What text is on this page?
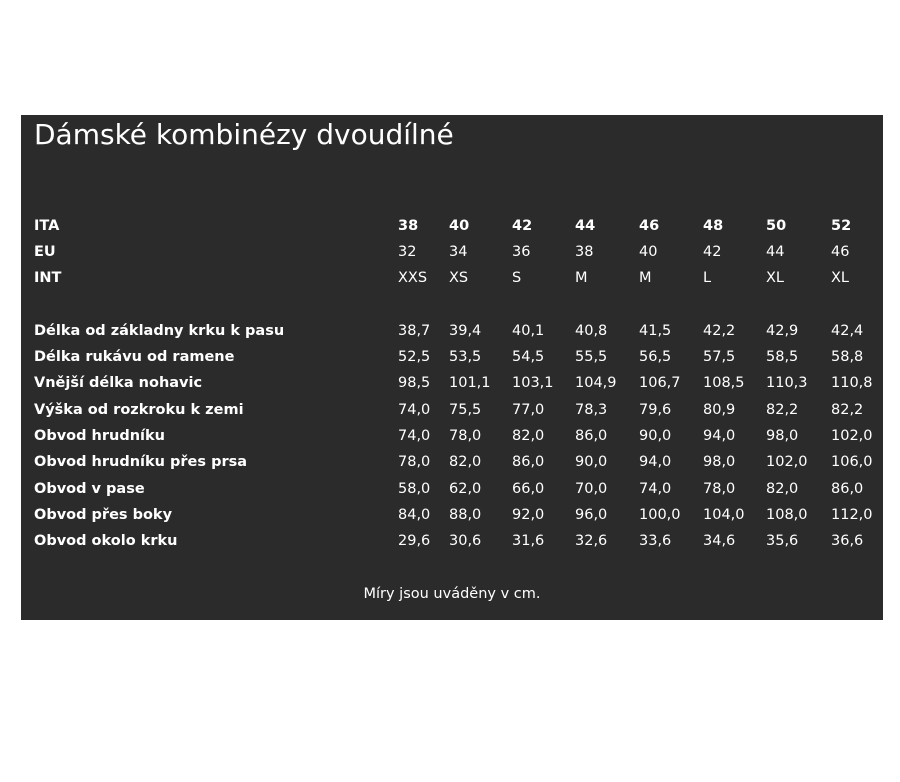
Dámské kombinézy dvoudílné
ITA	38 40	42	44	46	48	50	52
EU	32 34	36	38	40	42	44	46
INT	XXS XS	S	M	M	L	XL	XL
Délka od základny krku k pasu	38,7 39,4 40,1 40,8 41,5 42,2 42,9 42,4
Délka rukávu od ramene	52,5 53,5 54,5 55,5 56,5 57,5 58,5 58,8
Vnější délka nohavic	98,5 101,1 103,1 104,9 106,7 108,5 110,3 110,8
Výška od rozkroku k zemi	74,0 75,5 77,0 78,3 79,6 80,9 82,2 82,2
Obvod hrudníku	74,0 78,0 82,0 86,0 90,0 94,0 98,0 102,0
Obvod hrudníku přes prsa	78,0 82,0 86,0 90,0 94,0 98,0 102,0 106,0
Obvod v pase	58,0 62,0 66,0 70,0 74,0 78,0 82,0 86,0
Obvod přes boky	84,0 88,0 92,0 96,0 100,0 104,0 108,0 112,0
Obvod okolo krku	29,6 30,6 31,6 32,6 33,6 34,6 35,6 36,6
Míry jsou uváděny v cm.
